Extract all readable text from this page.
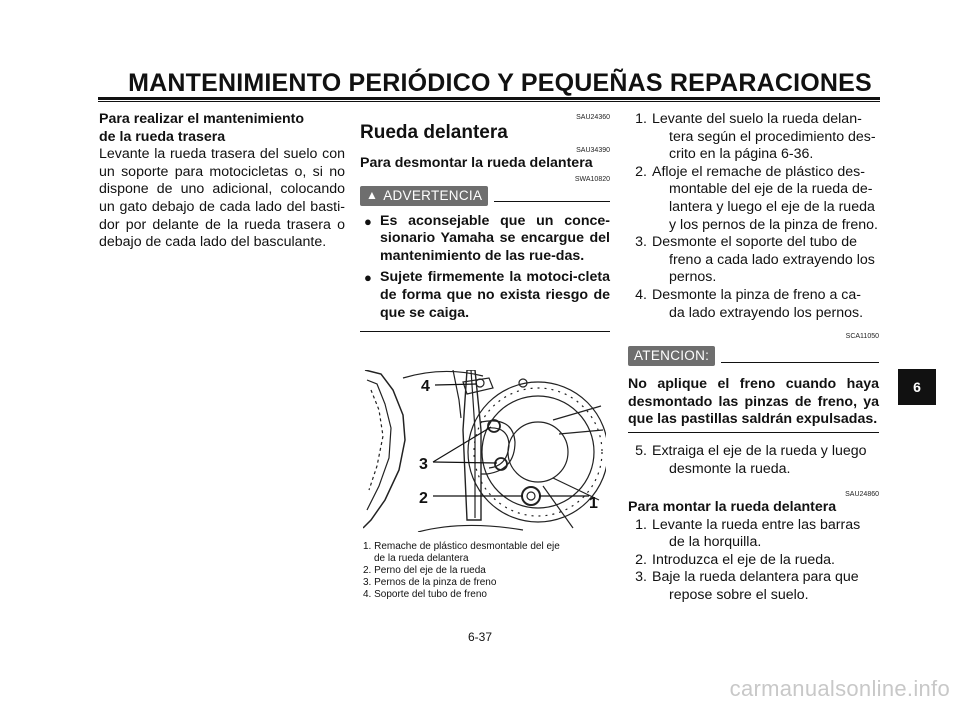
MANTENIMIENTO PERIÓDICO Y PEQUEÑAS REPARACIONES
Para realizar el mantenimiento
de la rueda trasera
Levante la rueda trasera del suelo con un soporte para motocicletas o, si no dispone de uno adicional, colocando un gato debajo de cada lado del basti-dor por delante de la rueda trasera o debajo de cada lado del basculante.
SAU24360
Rueda delantera
SAU34390
Para desmontar la rueda delantera
SWA10820
▲ ADVERTENCIA
● Es aconsejable que un conce-sionario Yamaha se encargue del mantenimiento de las rue-das.
● Sujete firmemente la motoci-cleta de forma que no exista riesgo de que se caiga.
4
3
2	1
1. Remache de plástico desmontable del eje
de la rueda delantera
2. Perno del eje de la rueda
3. Pernos de la pinza de freno
4. Soporte del tubo de freno
1. Levante del suelo la rueda delan-
tera según el procedimiento des-
crito en la página 6-36.
2. Afloje el remache de plástico des-
montable del eje de la rueda de-
lantera y luego el eje de la rueda
y los pernos de la pinza de freno.
3. Desmonte el soporte del tubo de
freno a cada lado extrayendo los
pernos.
4. Desmonte la pinza de freno a ca-
da lado extrayendo los pernos.
SCA11050
ATENCION:
No aplique el freno cuando haya desmontado las pinzas de freno, ya que las pastillas saldrán expulsadas.
5. Extraiga el eje de la rueda y luego
desmonte la rueda.
SAU24860
Para montar la rueda delantera
1. Levante la rueda entre las barras
de la horquilla.
2. Introduzca el eje de la rueda.
3. Baje la rueda delantera para que
repose sobre el suelo.
6
6-37
carmanualsonline.info
